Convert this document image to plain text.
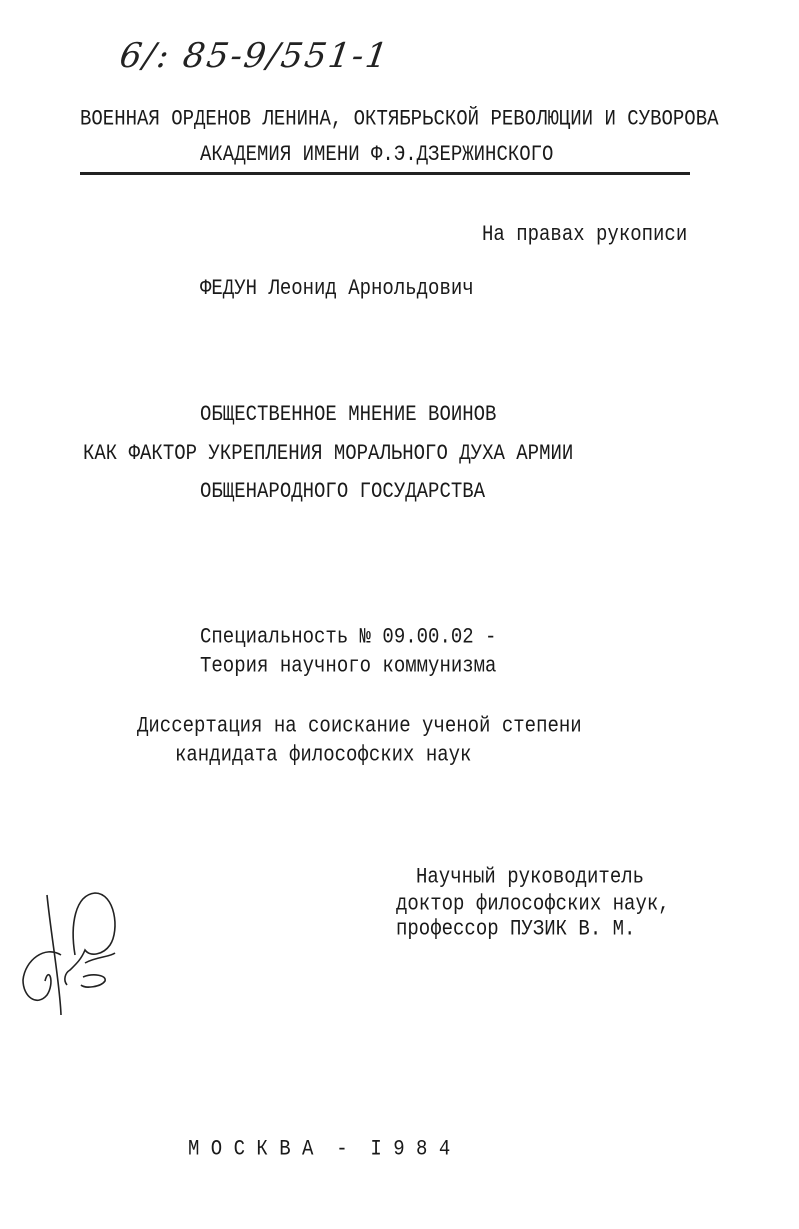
6/: 85-9/551-1
ВОЕННАЯ ОРДЕНОВ ЛЕНИНА, ОКТЯБРЬСКОЙ РЕВОЛЮЦИИ И СУВОРОВА
АКАДЕМИЯ ИМЕНИ Ф.Э.ДЗЕРЖИНСКОГО
На правах рукописи
ФЕДУН Леонид Арнольдович
ОБЩЕСТВЕННОЕ МНЕНИЕ ВОИНОВ
КАК ФАКТОР УКРЕПЛЕНИЯ МОРАЛЬНОГО ДУХА АРМИИ
ОБЩЕНАРОДНОГО ГОСУДАРСТВА
Специальность № 09.00.02 -
Теория научного коммунизма
Диссертация на соискание ученой степени
кандидата философских наук
Научный руководитель
доктор философских наук,
профессор ПУЗИК В. М.
М О С К В А  -  I 9 8 4
